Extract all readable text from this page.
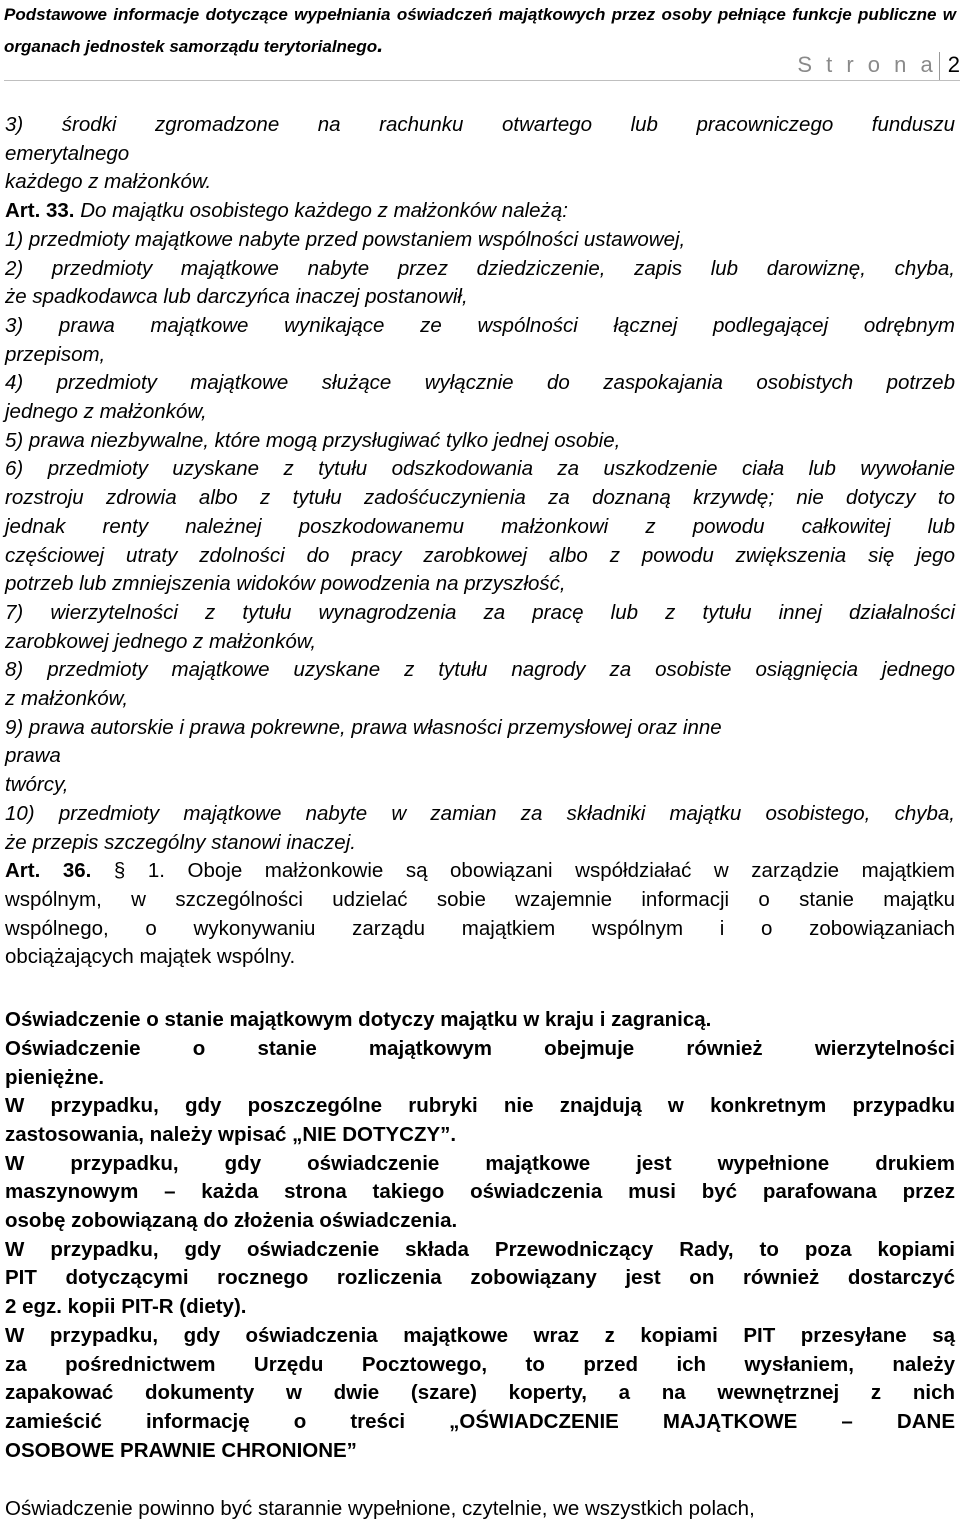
Podstawowe informacje dotyczące wypełniania oświadczeń majątkowych przez osoby pełniące funkcje publiczne w organach jednostek samorządu terytorialnego.
S t r o n a 2

3) środki zgromadzone na rachunku otwartego lub pracowniczego funduszu

emerytalnego

każdego z małżonków.

Art. 33. Do majątku osobistego każdego z małżonków należą:

1) przedmioty majątkowe nabyte przed powstaniem wspólności ustawowej,

2) przedmioty majątkowe nabyte przez dziedziczenie, zapis lub darowiznę, chyba,

że spadkodawca lub darczyńca inaczej postanowił,

3) prawa majątkowe wynikające ze wspólności łącznej podlegającej odrębnym

przepisom,

4) przedmioty majątkowe służące wyłącznie do zaspokajania osobistych potrzeb

jednego z małżonków,

5) prawa niezbywalne, które mogą przysługiwać tylko jednej osobie,

6) przedmioty uzyskane z tytułu odszkodowania za uszkodzenie ciała lub wywołanie

rozstroju zdrowia albo z tytułu zadośćuczynienia za doznaną krzywdę; nie dotyczy to

jednak renty należnej poszkodowanemu małżonkowi z powodu całkowitej lub

częściowej utraty zdolności do pracy zarobkowej albo z powodu zwiększenia się jego

potrzeb lub zmniejszenia widoków powodzenia na przyszłość,

7) wierzytelności z tytułu wynagrodzenia za pracę lub z tytułu innej działalności

zarobkowej jednego z małżonków,

8) przedmioty majątkowe uzyskane z tytułu nagrody za osobiste osiągnięcia jednego

z małżonków,

9) prawa autorskie i prawa pokrewne, prawa własności przemysłowej oraz inne

prawa

twórcy,

10) przedmioty majątkowe nabyte w zamian za składniki majątku osobistego, chyba,

że przepis szczególny stanowi inaczej.

Art. 36. § 1. Oboje małżonkowie są obowiązani współdziałać w zarządzie majątkiem

wspólnym, w szczególności udzielać sobie wzajemnie informacji o stanie majątku

wspólnego, o wykonywaniu zarządu majątkiem wspólnym i o zobowiązaniach

obciążających majątek wspólny.

Oświadczenie o stanie majątkowym dotyczy majątku w kraju i zagranicą.

Oświadczenie o stanie majątkowym obejmuje również wierzytelności

pieniężne.

W przypadku, gdy poszczególne rubryki nie znajdują w konkretnym przypadku

zastosowania, należy wpisać „NIE DOTYCZY”.

W przypadku, gdy oświadczenie majątkowe jest wypełnione drukiem

maszynowym – każda strona takiego oświadczenia musi być parafowana przez

osobę zobowiązaną do złożenia oświadczenia.

W przypadku, gdy oświadczenie składa Przewodniczący Rady, to poza kopiami

PIT dotyczącymi rocznego rozliczenia zobowiązany jest on również dostarczyć

2 egz. kopii PIT-R (diety).

W przypadku, gdy oświadczenia majątkowe wraz z kopiami PIT przesyłane są

za pośrednictwem Urzędu Pocztowego, to przed ich wysłaniem, należy

zapakować dokumenty w dwie (szare) koperty, a na wewnętrznej z nich

zamieścić informację o treści „OŚWIADCZENIE MAJĄTKOWE – DANE

OSOBOWE PRAWNIE CHRONIONE”

Oświadczenie powinno być starannie wypełnione, czytelnie, we wszystkich polach,
